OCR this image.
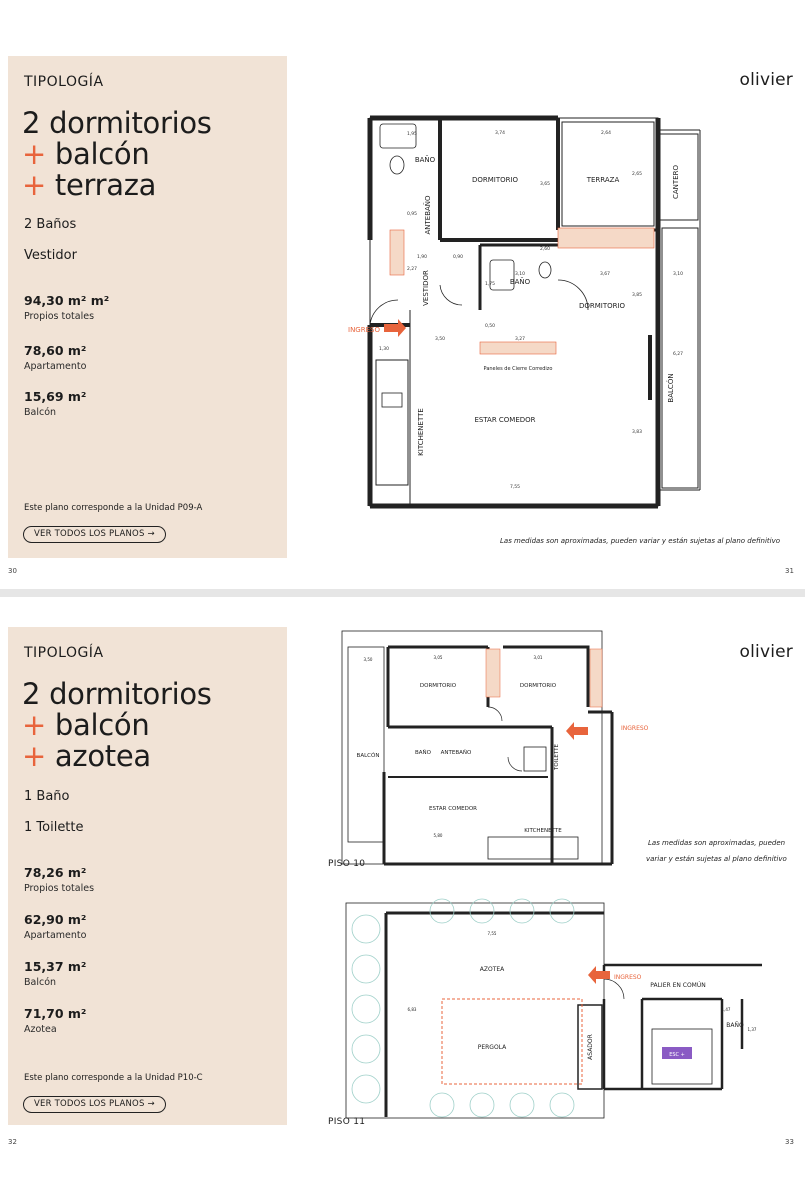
TIPOLOGÍA
2 dormitorios
+ balcón
+ terraza
2 Baños
Vestidor
94,30 m² m²
Propios totales
78,60 m²
Apartamento
15,69 m²
Balcón
Este plano corresponde a la Unidad P09-A
VER TODOS LOS PLANOS →
olivier
BAÑO
ANTEBAÑO
DORMITORIO	TERRAZA	CANTERO
VESTIDOR	BAÑO
DORMITORIO
ESTAR COMEDOR
KITCHENETTE
BALCÓN
Paneles de Cierre Corredizo
INGRESO
3,74	2,64
3,67	3,10
3,50	3,27
7,55
1,90	0,90
1,95
3,65
2,65
3,10
6,27
3,83
1,30
0,95
2,27
1,75
0,50
2,60
3,85
Las medidas son aproximadas, pueden variar y están sujetas al plano definitivo
30	31
TIPOLOGÍA
2 dormitorios
+ balcón
+ azotea
1 Baño
1 Toilette
78,26 m²
Propios totales
62,90 m²
Apartamento
15,37 m²
Balcón
71,70 m²
Azotea
Este plano corresponde a la Unidad P10-C
VER TODOS LOS PLANOS →
olivier
DORMITORIO	DORMITORIO
BALCÓN	BAÑO ANTEBAÑO	TOILETTE
ESTAR COMEDOR
KITCHENETTE
3,05	3,01
5,80
3,50
INGRESO
PISO 10
Las medidas son aproximadas, pueden
variar y están sujetas al plano definitivo
AZOTEA
PERGOLA	ASADOR
PALIER EN COMÚN
BAÑO
ESC +
7,55
6,83	1,47
1,37
INGRESO
PISO 11
32	33
